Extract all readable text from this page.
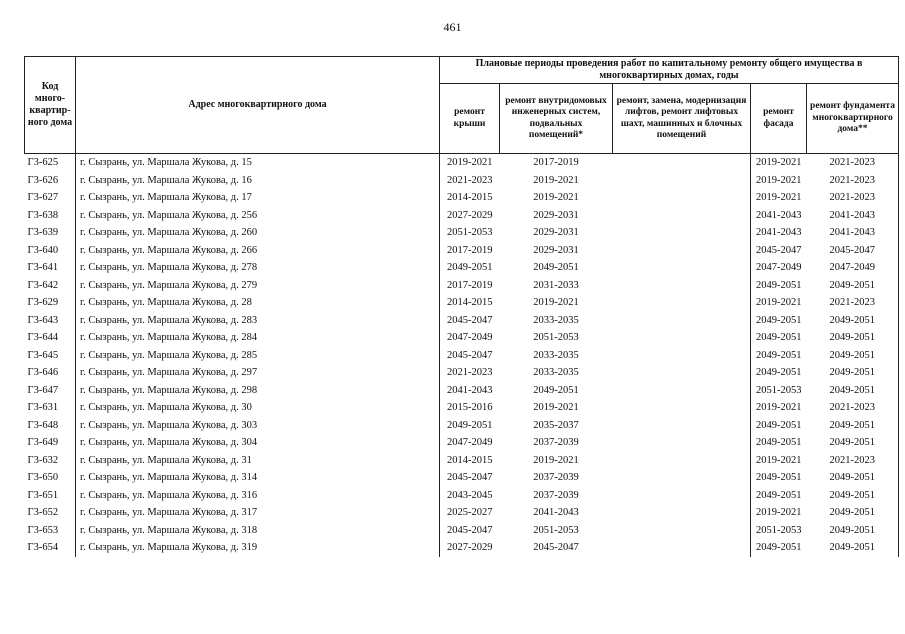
461
Код много-квартир-ного дома	Адрес многоквартирного дома	Плановые периоды проведения работ по капитальному ремонту общего имущества в многоквартирных домах, годы				
		ремонт крыши	ремонт внутридомовых инженерных систем, подвальных помещений*	ремонт, замена, модернизация лифтов, ремонт лифтовых шахт, машинных и блочных помещений	ремонт фасада	ремонт фундамента многоквартирного дома**
Г3-625	г. Сызрань, ул. Маршала Жукова, д. 15	2019-2021	2017-2019		2019-2021	2021-2023
Г3-626	г. Сызрань, ул. Маршала Жукова, д. 16	2021-2023	2019-2021		2019-2021	2021-2023
Г3-627	г. Сызрань, ул. Маршала Жукова, д. 17	2014-2015	2019-2021		2019-2021	2021-2023
Г3-638	г. Сызрань, ул. Маршала Жукова, д. 256	2027-2029	2029-2031		2041-2043	2041-2043
Г3-639	г. Сызрань, ул. Маршала Жукова, д. 260	2051-2053	2029-2031		2041-2043	2041-2043
Г3-640	г. Сызрань, ул. Маршала Жукова, д. 266	2017-2019	2029-2031		2045-2047	2045-2047
Г3-641	г. Сызрань, ул. Маршала Жукова, д. 278	2049-2051	2049-2051		2047-2049	2047-2049
Г3-642	г. Сызрань, ул. Маршала Жукова, д. 279	2017-2019	2031-2033		2049-2051	2049-2051
Г3-629	г. Сызрань, ул. Маршала Жукова, д. 28	2014-2015	2019-2021		2019-2021	2021-2023
Г3-643	г. Сызрань, ул. Маршала Жукова, д. 283	2045-2047	2033-2035		2049-2051	2049-2051
Г3-644	г. Сызрань, ул. Маршала Жукова, д. 284	2047-2049	2051-2053		2049-2051	2049-2051
Г3-645	г. Сызрань, ул. Маршала Жукова, д. 285	2045-2047	2033-2035		2049-2051	2049-2051
Г3-646	г. Сызрань, ул. Маршала Жукова, д. 297	2021-2023	2033-2035		2049-2051	2049-2051
Г3-647	г. Сызрань, ул. Маршала Жукова, д. 298	2041-2043	2049-2051		2051-2053	2049-2051
Г3-631	г. Сызрань, ул. Маршала Жукова, д. 30	2015-2016	2019-2021		2019-2021	2021-2023
Г3-648	г. Сызрань, ул. Маршала Жукова, д. 303	2049-2051	2035-2037		2049-2051	2049-2051
Г3-649	г. Сызрань, ул. Маршала Жукова, д. 304	2047-2049	2037-2039		2049-2051	2049-2051
Г3-632	г. Сызрань, ул. Маршала Жукова, д. 31	2014-2015	2019-2021		2019-2021	2021-2023
Г3-650	г. Сызрань, ул. Маршала Жукова, д. 314	2045-2047	2037-2039		2049-2051	2049-2051
Г3-651	г. Сызрань, ул. Маршала Жукова, д. 316	2043-2045	2037-2039		2049-2051	2049-2051
Г3-652	г. Сызрань, ул. Маршала Жукова, д. 317	2025-2027	2041-2043		2019-2021	2049-2051
Г3-653	г. Сызрань, ул. Маршала Жукова, д. 318	2045-2047	2051-2053		2051-2053	2049-2051
Г3-654	г. Сызрань, ул. Маршала Жукова, д. 319	2027-2029	2045-2047		2049-2051	2049-2051
